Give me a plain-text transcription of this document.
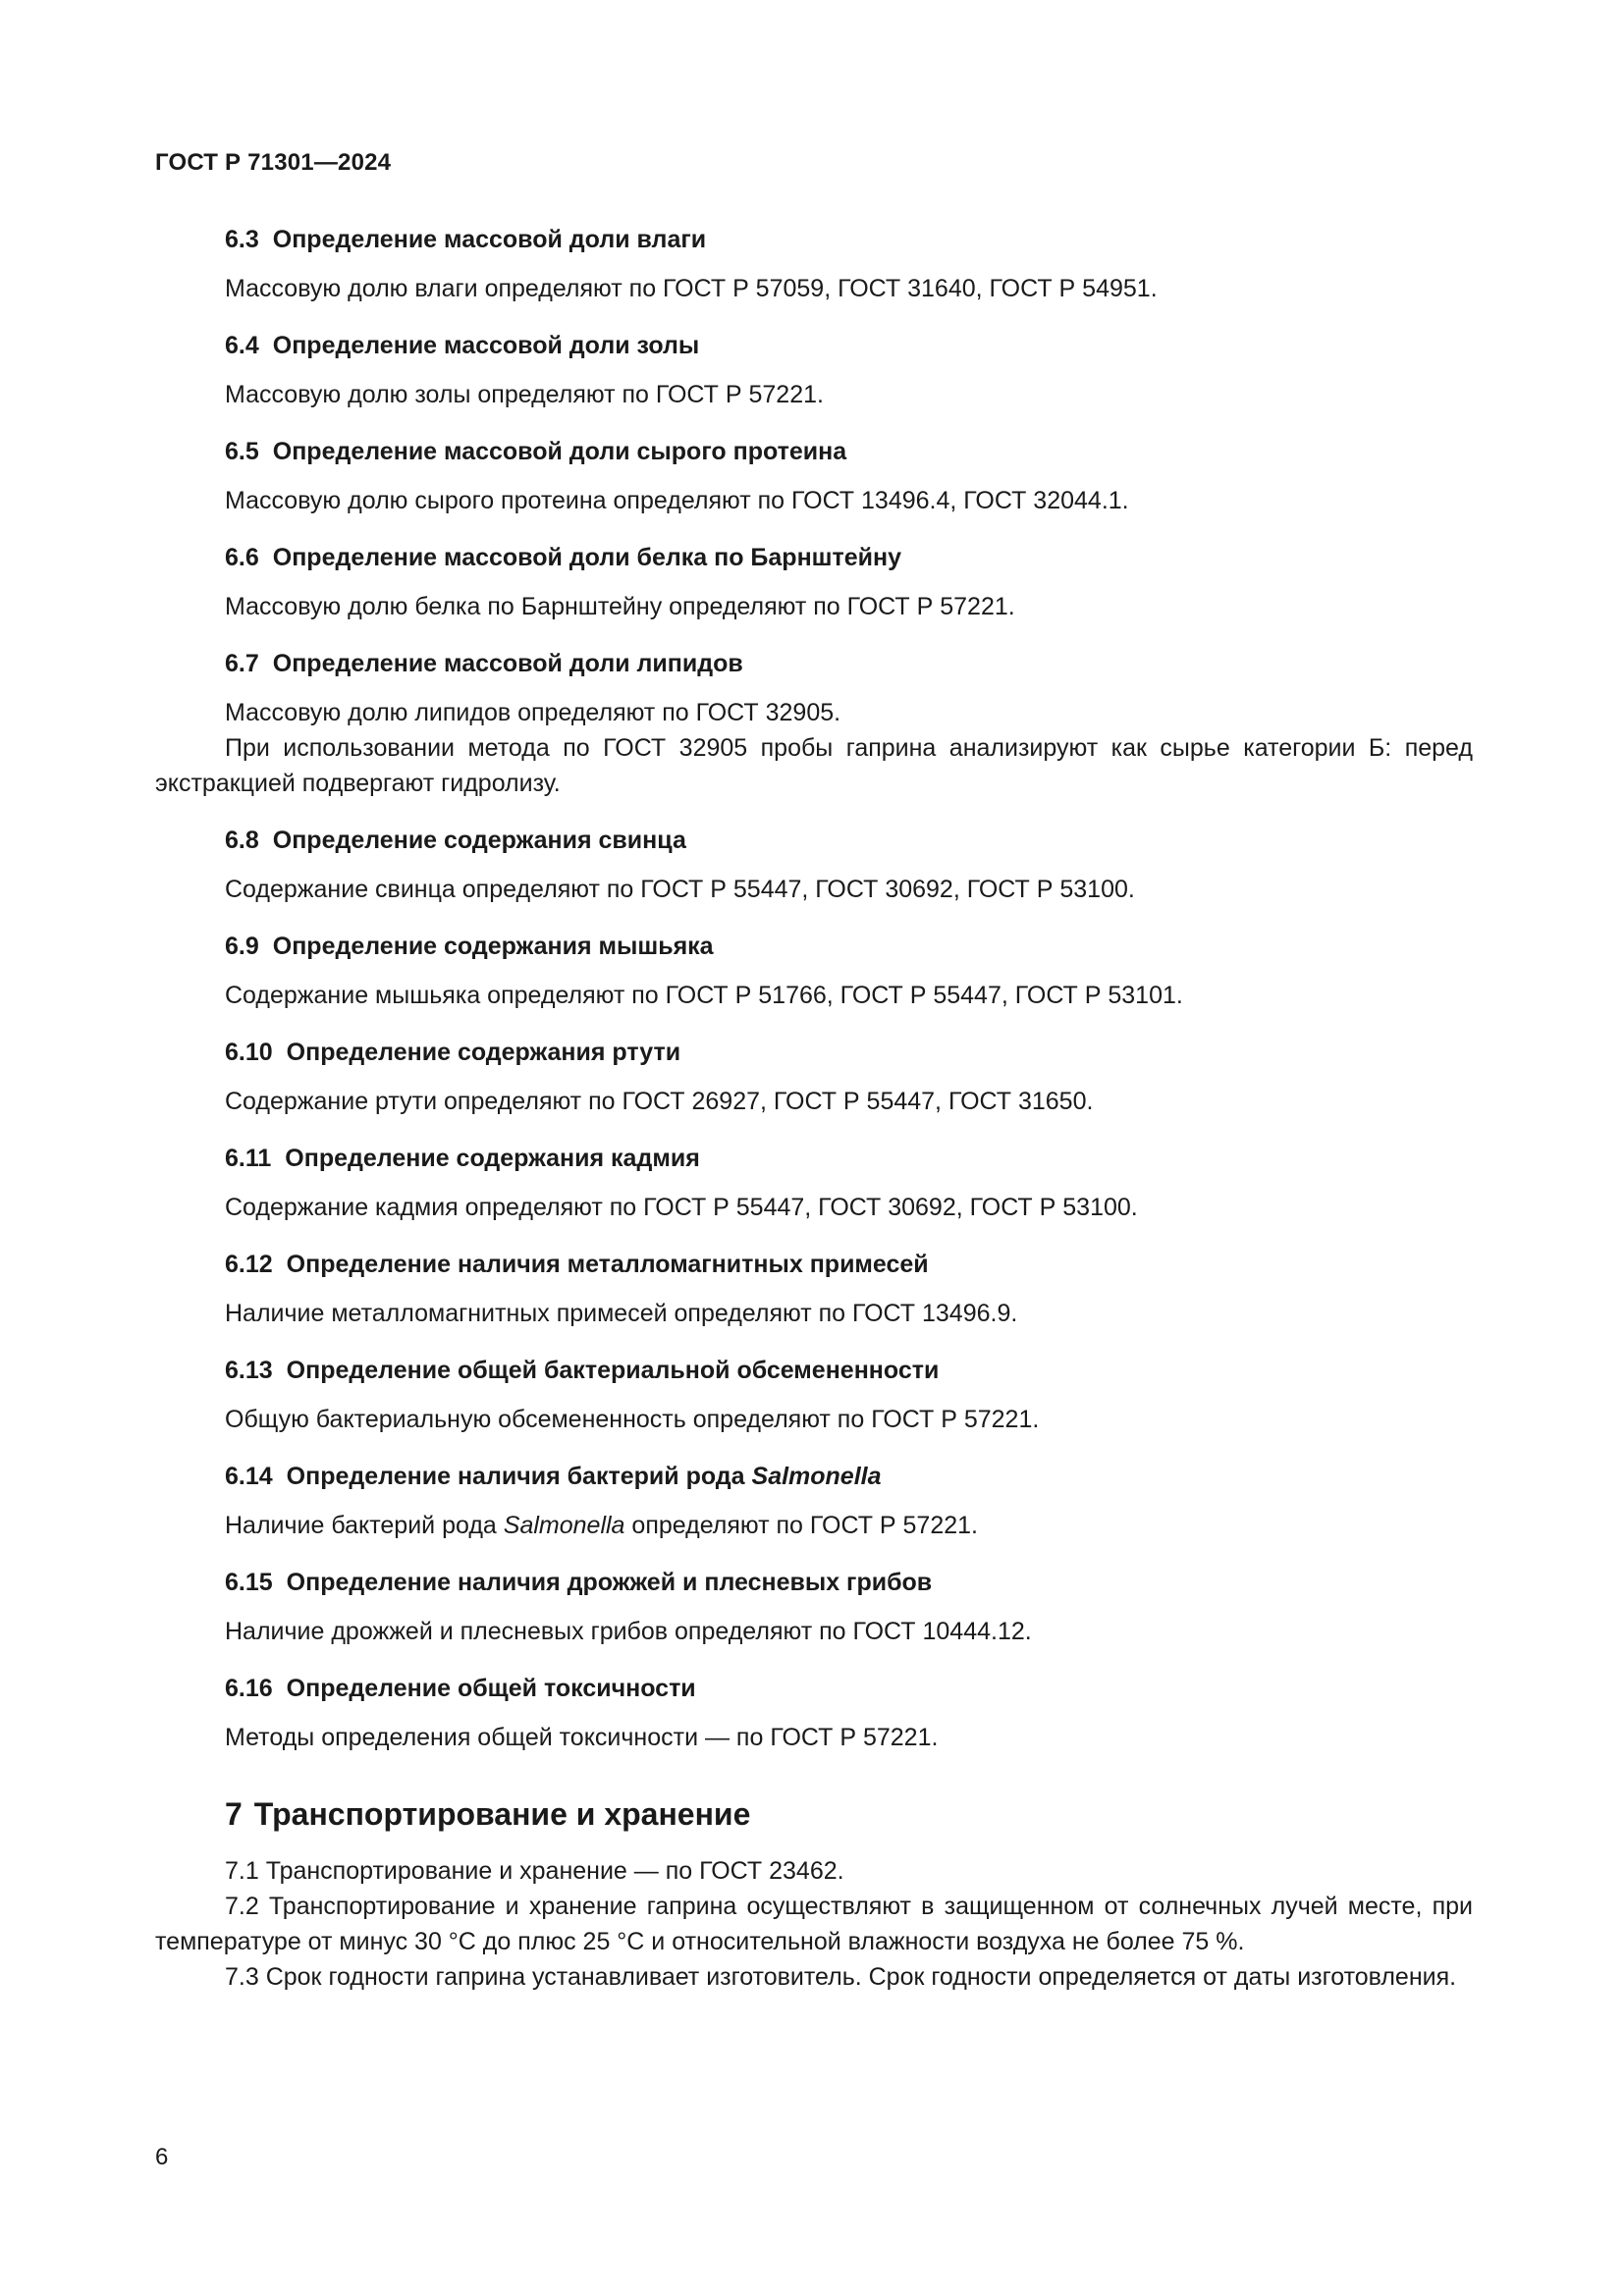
ГОСТ Р 71301—2024
6.3 Определение массовой доли влаги
Массовую долю влаги определяют по ГОСТ Р 57059, ГОСТ 31640, ГОСТ Р 54951.
6.4 Определение массовой доли золы
Массовую долю золы определяют по ГОСТ Р 57221.
6.5 Определение массовой доли сырого протеина
Массовую долю сырого протеина определяют по ГОСТ 13496.4, ГОСТ 32044.1.
6.6 Определение массовой доли белка по Барнштейну
Массовую долю белка по Барнштейну определяют по ГОСТ Р 57221.
6.7 Определение массовой доли липидов
Массовую долю липидов определяют по ГОСТ 32905.
При использовании метода по ГОСТ 32905 пробы гаприна анализируют как сырье категории Б: перед экстракцией подвергают гидролизу.
6.8 Определение содержания свинца
Содержание свинца определяют по ГОСТ Р 55447, ГОСТ 30692, ГОСТ Р 53100.
6.9 Определение содержания мышьяка
Содержание мышьяка определяют по ГОСТ Р 51766, ГОСТ Р 55447, ГОСТ Р 53101.
6.10 Определение содержания ртути
Содержание ртути определяют по ГОСТ 26927, ГОСТ Р 55447, ГОСТ 31650.
6.11 Определение содержания кадмия
Содержание кадмия определяют по ГОСТ Р 55447, ГОСТ 30692, ГОСТ Р 53100.
6.12 Определение наличия металломагнитных примесей
Наличие металломагнитных примесей определяют по ГОСТ 13496.9.
6.13 Определение общей бактериальной обсемененности
Общую бактериальную обсемененность определяют по ГОСТ Р 57221.
6.14 Определение наличия бактерий рода Salmonella
Наличие бактерий рода Salmonella определяют по ГОСТ Р 57221.
6.15 Определение наличия дрожжей и плесневых грибов
Наличие дрожжей и плесневых грибов определяют по ГОСТ 10444.12.
6.16 Определение общей токсичности
Методы определения общей токсичности — по ГОСТ Р 57221.
7 Транспортирование и хранение
7.1 Транспортирование и хранение — по ГОСТ 23462.
7.2 Транспортирование и хранение гаприна осуществляют в защищенном от солнечных лучей месте, при температуре от минус 30 °С до плюс 25 °С и относительной влажности воздуха не более 75 %.
7.3 Срок годности гаприна устанавливает изготовитель. Срок годности определяется от даты изготовления.
6
